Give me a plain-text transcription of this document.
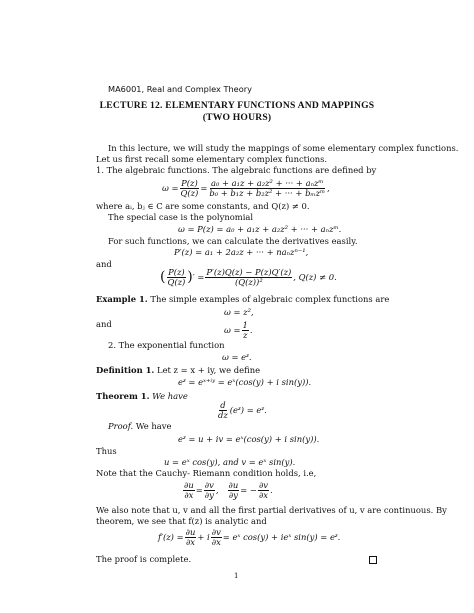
MA6001, Real and Complex Theory
LECTURE 12. ELEMENTARY FUNCTIONS AND MAPPINGS
(TWO HOURS)
In this lecture, we will study the mappings of some elementary complex functions.
Let us first recall some elementary complex functions.
1. The algebraic functions. The algebraic functions are defined by
$\omega = \frac{P(z)}{Q(z)} = \frac{\text{a₀ + a₁z + a₂z² + ··· + aₙzᵐ}}{\text{b₀ + b₁z + b₂z² + ··· + bₘzᵐ}}$ ,
where aᵢ, bⱼ ∈ C are some constants, and Q(z) ≠ 0.
The special case is the polynomial
ω = P(z) = a₀ + a₁z + a₂z² + ··· + aₙzᵐ.
For such functions, we can calculate the derivatives easily.
P′(z) = a₁ + 2a₂z + ··· + naₙzⁿ⁻¹,
and
( $\frac{P(z)}{Q(z)}$ ) ′ = $\frac{P'(z)Q(z) - P(z)Q'(z)}{\text{(Q(z))²}}$ , Q(z) ≠ 0.
Example 1. The simple examples of algebraic complex functions are
ω = z²,
and
$\omega = \frac{1}{z}$ .
2. The exponential function
ω = eᶻ.
Definition 1. Let z = x + iy, we define
eᶻ = eˣ⁺ⁱʸ = eˣ(cos(y) + i sin(y)).
Theorem 1. We have
$\frac{d}{dz}$ (eᶻ) = eᶻ.
Proof. We have
eᶻ = u + iv = eˣ(cos(y) + i sin(y)).
Thus
u = eˣ cos(y), and v = eˣ sin(y).
Note that the Cauchy- Riemann condition holds, i.e,
$\frac{\partial u}{\partial x} = \frac{\partial v}{\partial y}$ , $\frac{\partial u}{\partial y}$ = − $\frac{\partial v}{\partial x}$ .
We also note that u, v and all the first partial derivatives of u, v are continuous. By
theorem, we see that f(z) is analytic and
$f'(z) = \frac{\partial u}{\partial x} + i \frac{\partial v}{\partial x}$ = eˣ cos(y) + ieˣ sin(y) = eᶻ.
The proof is complete.
1
